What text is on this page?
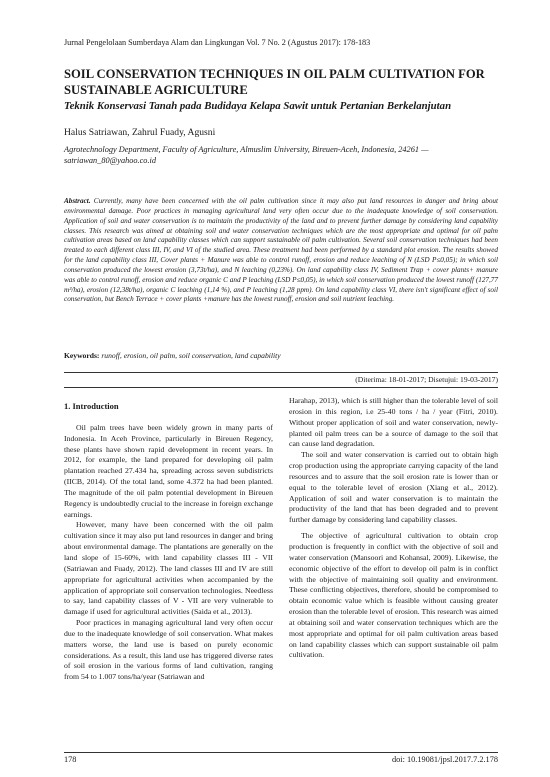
Jurnal Pengelolaan Sumberdaya Alam dan Lingkungan Vol. 7 No. 2 (Agustus 2017): 178-183
SOIL CONSERVATION TECHNIQUES IN OIL PALM CULTIVATION FOR SUSTAINABLE AGRICULTURE
Teknik Konservasi Tanah pada Budidaya Kelapa Sawit untuk Pertanian Berkelanjutan
Halus Satriawan, Zahrul Fuady, Agusni
Agrotechnology Department, Faculty of Agriculture, Almuslim University, Bireuen-Aceh, Indonesia, 24261 — satriawan_80@yahoo.co.id

Abstract. Currently, many have been concerned with the oil palm cultivation since it may also put land resources in danger and bring about environmental damage. Poor practices in managing agricultural land very often occur due to the inadequate knowledge of soil conservation. Application of soil and water conservation is to maintain the productivity of the land and to prevent further damage by considering land capability classes. This research was aimed at obtaining soil and water conservation techniques which are the most appropriate and optimal for oil palm cultivation areas based on land capability classes which can support sustainable oil palm cultivation. Several soil conservation techniques had been treated to each different class III, IV, and VI of the studied area. These treatment had been performed by a standard plot erosion. The results showed for the land capability class III, Cover plants + Manure was able to control runoff, erosion and reduce leaching of N (LSD P≤0,05); in which soil conservation produced the lowest erosion (3,73t/ha), and N leaching (0,23%). On land capability class IV, Sediment Trap + cover plants+ manure was able to control runoff, erosion and reduce organic C and P leaching (LSD P≤0,05), in which soil conservation produced the lowest runoff (127,77 m³/ha), erosion (12,38t/ha), organic C leaching (1,14 %), and P leaching (1,28 ppm). On land capability class VI, there isn't significant effect of soil conservation, but Bench Terrace + cover plants +manure has the lowest runoff, erosion and soil nutrient leaching.

Keywords: runoff, erosion, oil palm, soil conservation, land capability
(Diterima: 18-01-2017; Disetujui: 19-03-2017)
1. Introduction

Oil palm trees have been widely grown in many parts of Indonesia. In Aceh Province, particularly in Bireuen Regency, these plants have shown rapid development in recent years. In 2012, for example, the land prepared for developing oil palm plantation reached 27.434 ha, spreading across seven subdistricts (IICB, 2014). Of the total land, some 4.372 ha had been planted. The magnitude of the oil palm potential development in Bireuen Regency is undoubtedly crucial to the increase in foreign exchange earnings.

However, many have been concerned with the oil palm cultivation since it may also put land resources in danger and bring about environmental damage. The plantations are generally on the land slope of 15-60%, with land capability classes III - VII (Satriawan and Fuady, 2012). The land classes III and IV are still appropriate for agricultural activities when accompanied by the application of appropriate soil conservation technologies. Needless to say, land capability classes of V - VII are very vulnerable to damage if used for agricultural activities (Saida et al., 2013).

Poor practices in managing agricultural land very often occur due to the inadequate knowledge of soil conservation. What makes matters worse, the land use is based on purely economic considerations. As a result, this land use has triggered diverse rates of soil erosion in the various forms of land cultivation, ranging from 54 to 1.007 tons/ha/year (Satriawan and

Harahap, 2013), which is still higher than the tolerable level of soil erosion in this region, i.e 25-40 tons / ha / year (Fitri, 2010). Without proper application of soil and water conservation, newly-planted oil palm trees can be a source of damage to the soil that can cause land degradation.

The soil and water conservation is carried out to obtain high crop production using the appropriate carrying capacity of the land resources and to assure that the soil erosion rate is lower than or equal to the tolerable level of erosion (Xiang et al., 2012). Application of soil and water conservation is to maintain the productivity of the land that has been degraded and to prevent further damage by considering land capability classes.

The objective of agricultural cultivation to obtain crop production is frequently in conflict with the objective of soil and water conservation (Mansoori and Kohansal, 2009). Likewise, the economic objective of the effort to develop oil palm is in conflict with the objective of maintaining soil quality and environment. These conflicting objectives, therefore, should be compromised to obtain economic value which is feasible without causing greater erosion than the tolerable level of erosion. This research was aimed at obtaining soil and water conservation techniques which are the most appropriate and optimal for oil palm cultivation areas based on land capability classes which can support sustainable oil palm cultivation.

178	doi: 10.19081/jpsl.2017.7.2.178
